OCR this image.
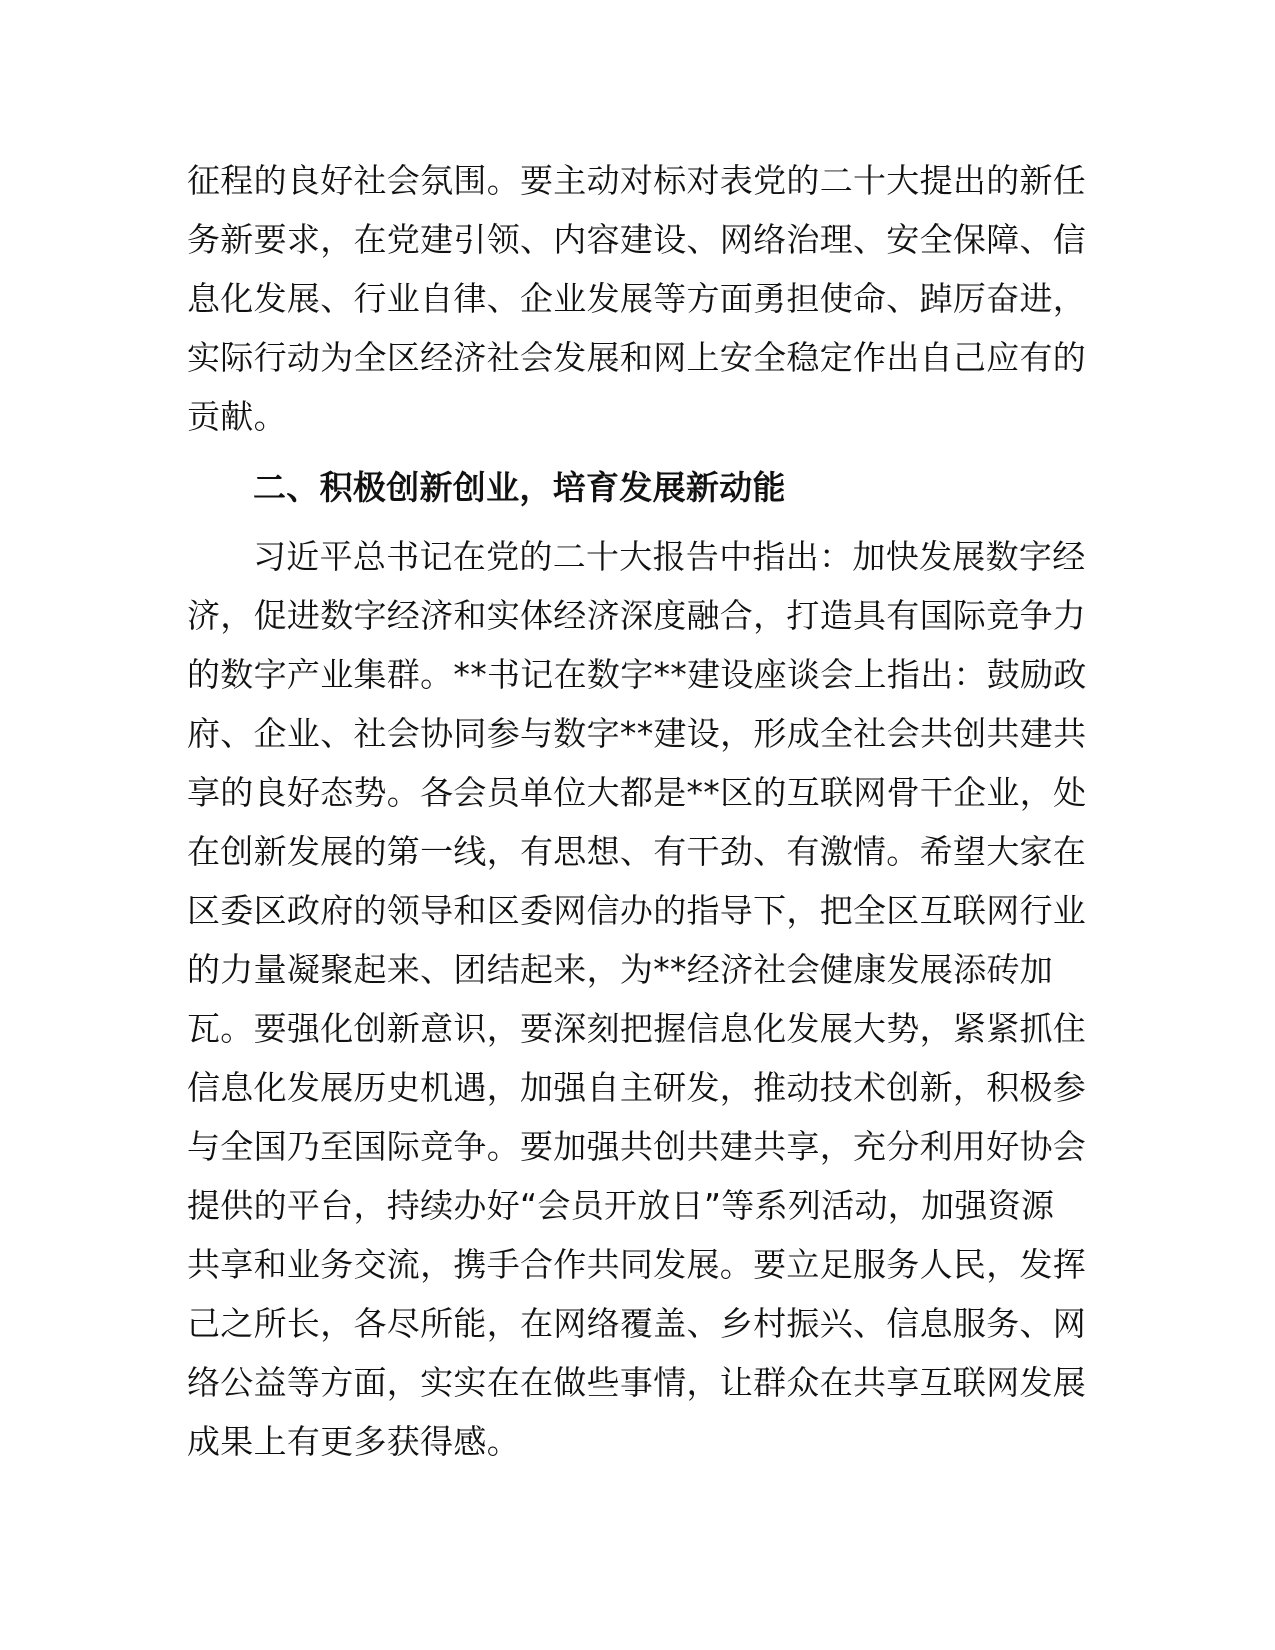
征程的良好社会氛围。要主动对标对表党的二十大提出的新任
务新要求，在党建引领、内容建设、网络治理、安全保障、信
息化发展、行业自律、企业发展等方面勇担使命、踔厉奋进，
实际行动为全区经济社会发展和网上安全稳定作出自己应有的
贡献。
二、积极创新创业，培育发展新动能
习近平总书记在党的二十大报告中指出：加快发展数字经
济，促进数字经济和实体经济深度融合，打造具有国际竞争力
的数字产业集群。**书记在数字**建设座谈会上指出：鼓励政
府、企业、社会协同参与数字**建设，形成全社会共创共建共
享的良好态势。各会员单位大都是**区的互联网骨干企业，处
在创新发展的第一线，有思想、有干劲、有激情。希望大家在
区委区政府的领导和区委网信办的指导下，把全区互联网行业
的力量凝聚起来、团结起来，为**经济社会健康发展添砖加
瓦。要强化创新意识，要深刻把握信息化发展大势，紧紧抓住
信息化发展历史机遇，加强自主研发，推动技术创新，积极参
与全国乃至国际竞争。要加强共创共建共享，充分利用好协会
提供的平台，持续办好“会员开放日”等系列活动，加强资源
共享和业务交流，携手合作共同发展。要立足服务人民，发挥
己之所长，各尽所能，在网络覆盖、乡村振兴、信息服务、网
络公益等方面，实实在在做些事情，让群众在共享互联网发展
成果上有更多获得感。
